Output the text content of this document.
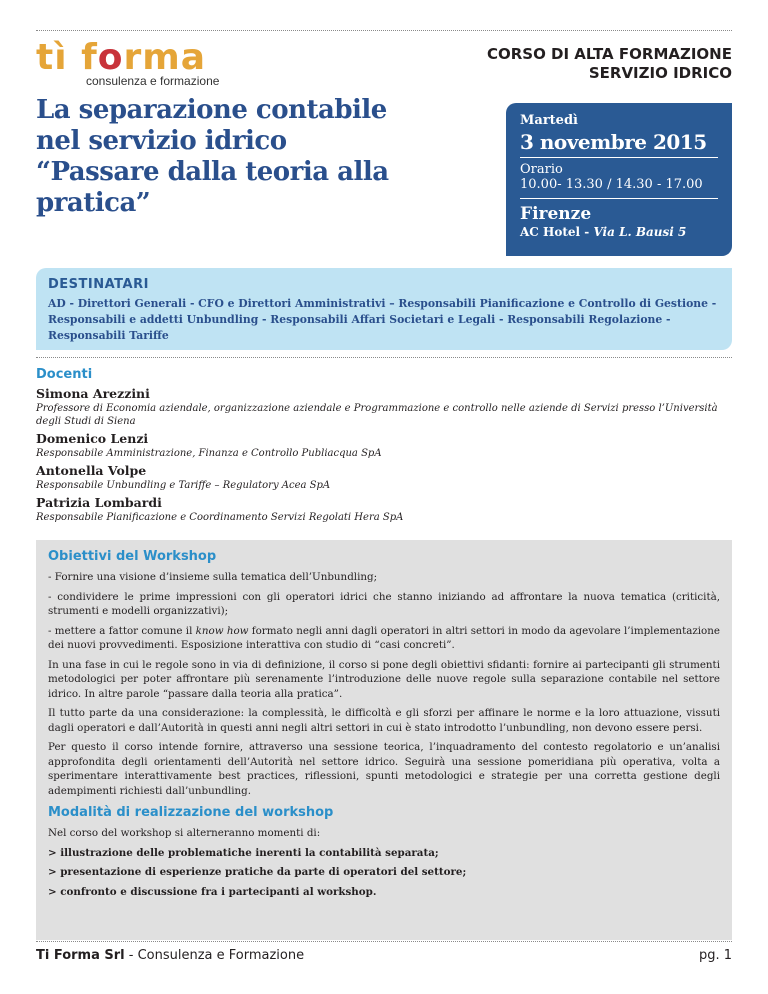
tì forma
consulenza e formazione
CORSO DI ALTA FORMAZIONE
SERVIZIO IDRICO
La separazione contabile
nel servizio idrico
“Passare dalla teoria alla pratica”
Martedì
3 novembre 2015
Orario
10.00- 13.30 / 14.30 - 17.00
Firenze
AC Hotel - Via L. Bausi 5
DESTINATARI
AD - Direttori Generali - CFO e Direttori Amministrativi – Responsabili Pianificazione e Controllo di Gestione - Responsabili e addetti Unbundling - Responsabili Affari Societari e Legali - Responsabili Regolazione - Responsabili Tariffe
Docenti
Simona Arezzini
Professore di Economia aziendale, organizzazione aziendale e Programmazione e controllo nelle aziende di Servizi presso l’Università degli Studi di Siena
Domenico Lenzi
Responsabile Amministrazione, Finanza e Controllo Publiacqua SpA
Antonella Volpe
Responsabile Unbundling e Tariffe – Regulatory Acea SpA
Patrizia Lombardi
Responsabile Pianificazione e Coordinamento Servizi Regolati Hera SpA
Obiettivi del Workshop
- Fornire una visione d’insieme sulla tematica dell’Unbundling;
- condividere le prime impressioni con gli operatori idrici che stanno iniziando ad affrontare la nuova tematica (criticità, strumenti e modelli organizzativi);
- mettere a fattor comune il know how formato negli anni dagli operatori in altri settori in modo da agevolare l’implementazione dei nuovi provvedimenti. Esposizione interattiva con studio di “casi concreti”.
In una fase in cui le regole sono in via di definizione, il corso si pone degli obiettivi sfidanti: fornire ai partecipanti gli strumenti metodologici per poter affrontare più serenamente l’introduzione delle nuove regole sulla separazione contabile nel settore idrico. In altre parole “passare dalla teoria alla pratica”.
Il tutto parte da una considerazione: la complessità, le difficoltà e gli sforzi per affinare le norme e la loro attuazione, vissuti dagli operatori e dall’Autorità in questi anni negli altri settori in cui è stato introdotto l’unbundling, non devono essere persi.
Per questo il corso intende fornire, attraverso una sessione teorica, l’inquadramento del contesto regolatorio e un’analisi approfondita degli orientamenti dell’Autorità nel settore idrico. Seguirà una sessione pomeridiana più operativa, volta a sperimentare interattivamente best practices, riflessioni, spunti metodologici e strategie per una corretta gestione degli adempimenti richiesti dall’unbundling.
Modalità di realizzazione del workshop
Nel corso del workshop si alterneranno momenti di:
> illustrazione delle problematiche inerenti la contabilità separata;
> presentazione di esperienze pratiche da parte di operatori del settore;
> confronto e discussione fra i partecipanti al workshop.
Ti Forma Srl - Consulenza e Formazione	pg. 1
